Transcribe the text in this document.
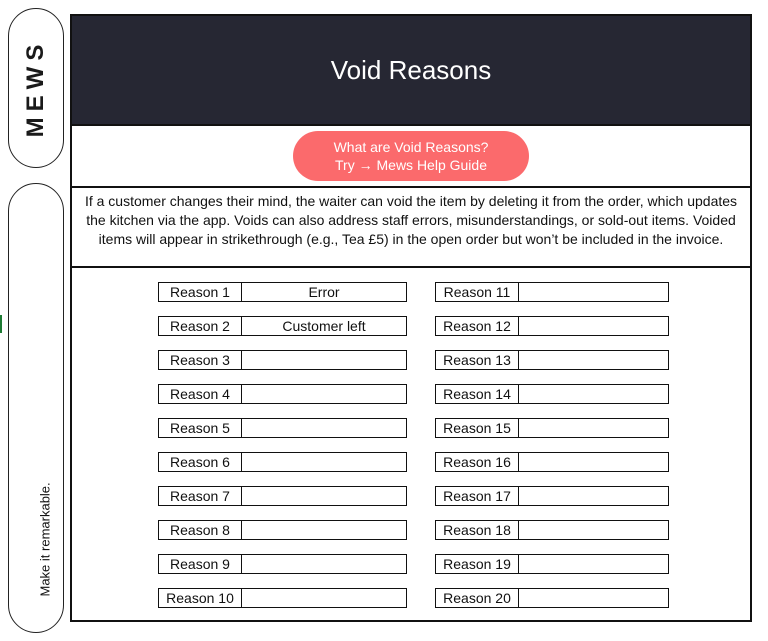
MEWS
Make it remarkable.
Void Reasons
What are Void Reasons?
Try → Mews Help Guide
If a customer changes their mind, the waiter can void the item by deleting it from the order, which updates the kitchen via the app. Voids can also address staff errors, misunderstandings, or sold-out items. Voided items will appear in strikethrough (e.g., Tea £5) in the open order but won’t be included in the invoice.
Reason 1	Error
Reason 2	Customer left
Reason 3
Reason 4
Reason 5
Reason 6
Reason 7
Reason 8
Reason 9
Reason 10
Reason 11
Reason 12
Reason 13
Reason 14
Reason 15
Reason 16
Reason 17
Reason 18
Reason 19
Reason 20
